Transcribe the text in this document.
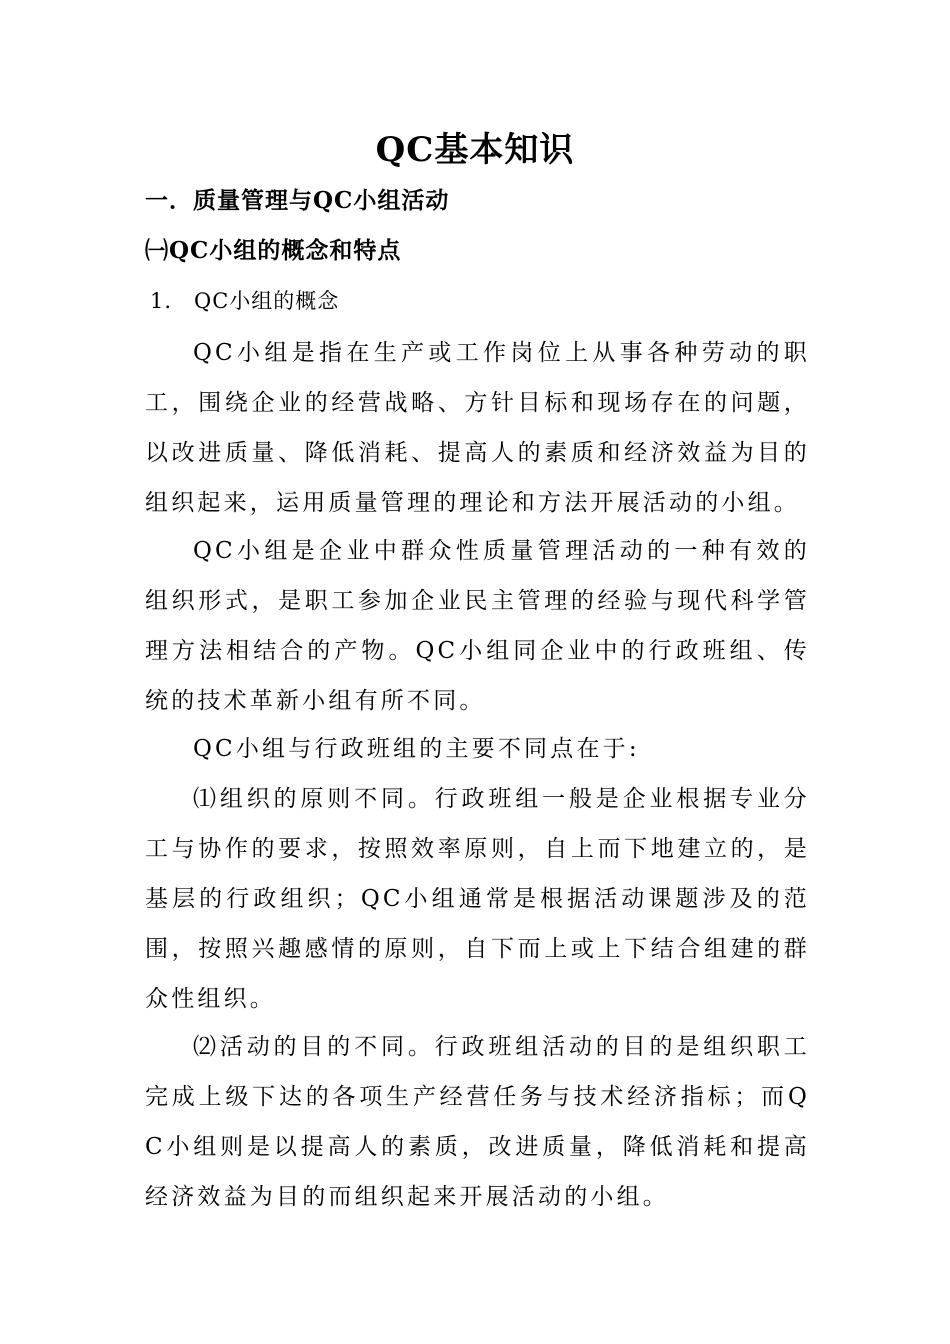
QC基本知识
一．质量管理与QC小组活动
㈠QC小组的概念和特点
1. QC小组的概念

QC小组是指在生产或工作岗位上从事各种劳动的职工，围绕企业的经营战略、方针目标和现场存在的问题，以改进质量、降低消耗、提高人的素质和经济效益为目的组织起来，运用质量管理的理论和方法开展活动的小组。

QC小组是企业中群众性质量管理活动的一种有效的组织形式，是职工参加企业民主管理的经验与现代科学管理方法相结合的产物。QC小组同企业中的行政班组、传统的技术革新小组有所不同。

QC小组与行政班组的主要不同点在于:

⑴组织的原则不同。行政班组一般是企业根据专业分工与协作的要求，按照效率原则，自上而下地建立的，是基层的行政组织；QC小组通常是根据活动课题涉及的范围，按照兴趣感情的原则，自下而上或上下结合组建的群众性组织。

⑵活动的目的不同。行政班组活动的目的是组织职工完成上级下达的各项生产经营任务与技术经济指标；而QC小组则是以提高人的素质，改进质量，降低消耗和提高经济效益为目的而组织起来开展活动的小组。
